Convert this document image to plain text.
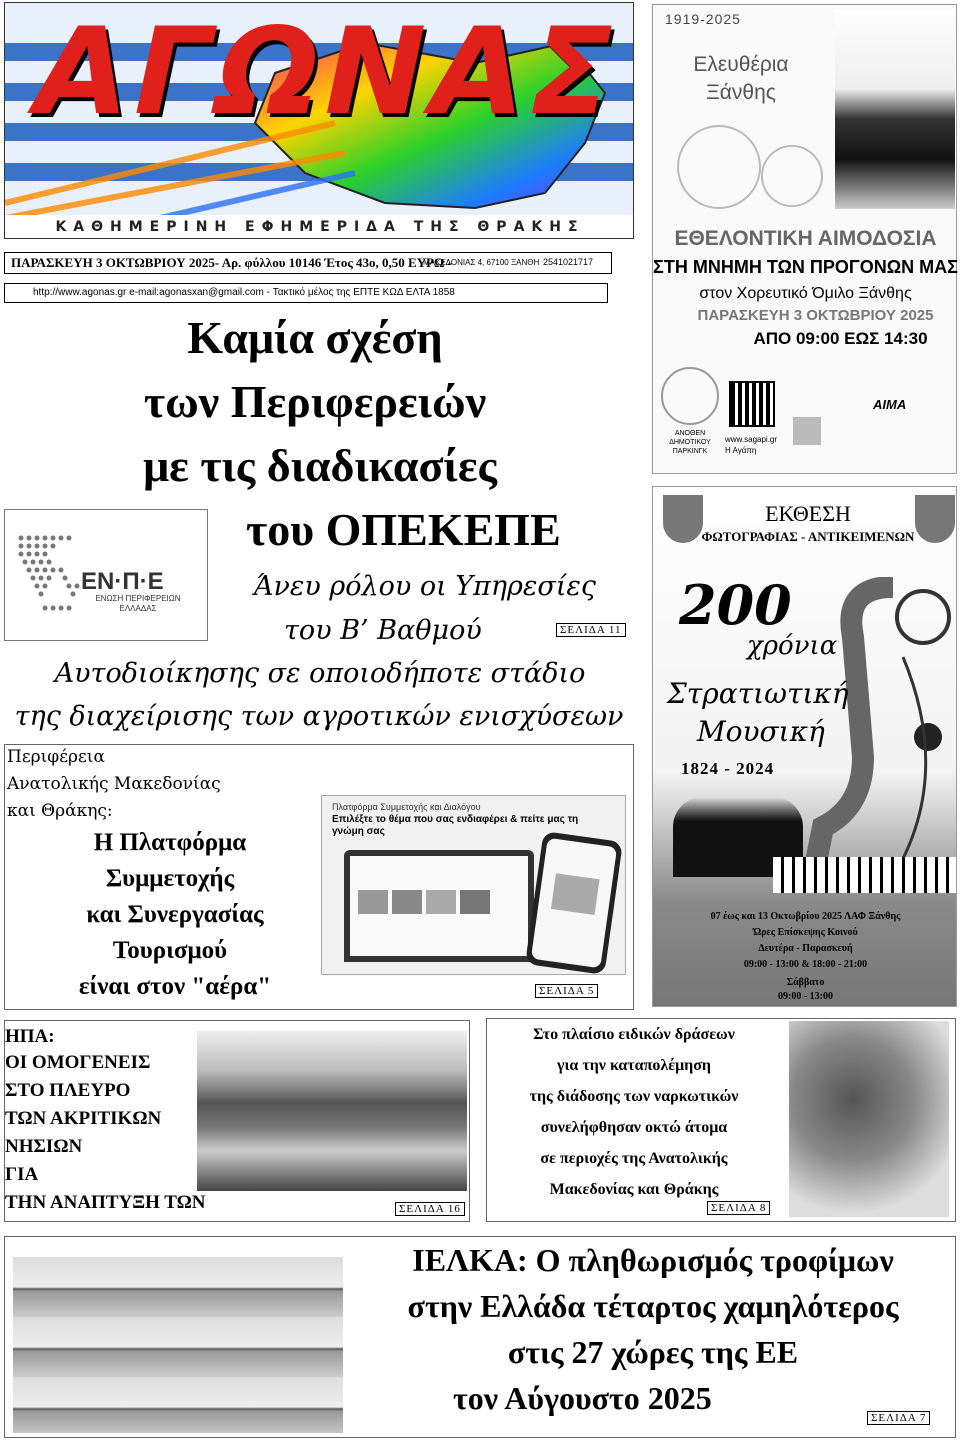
ΑΓΩΝΑΣ
ΚΑΘΗΜΕΡΙΝΗ ΕΦΗΜΕΡΙΔΑ ΤΗΣ ΘΡΑΚΗΣ
ΠΑΡΑΣΚΕΥΗ 3 ΟΚΤΩΒΡΙΟΥ 2025- Αρ. φύλλου 10146 Έτος 43ο, 0,50 ΕΥΡΩ -
ΜΑΚΕΔΟΝΙΑΣ 4, 67100 ΞΑΝΘΗ 2541021717
http://www.agonas.gr e-mail:agonasxan@gmail.com - Τακτικό μέλος της ΕΠΤΕ ΚΩΔ ΕΛΤΑ 1858
Καμία σχέση
των Περιφερειών
με τις διαδικασίες
του ΟΠΕΚΕΠΕ
ΕΝ·Π·Ε
ΕΝΩΣΗ ΠΕΡΙΦΕΡΕΙΩΝ ΕΛΛΑΔΑΣ
Άνευ ρόλου οι Υπηρεσίες
του Β’ Βαθμού	ΣΕΛΙΔΑ 11
Αυτοδιοίκησης σε οποιοδήποτε στάδιο
της διαχείρισης των αγροτικών ενισχύσεων
Περιφέρεια
Ανατολικής Μακεδονίας
και Θράκης:
Η Πλατφόρμα
Συμμετοχής
και Συνεργασίας
Τουρισμού
είναι στον "αέρα"
Πλατφόρμα Συμμετοχής και Διαλόγου
Επιλέξτε το θέμα που σας ενδιαφέρει & πείτε μας τη γνώμη σας
ΣΕΛΙΔΑ 5
ΗΠΑ:
ΟΙ ΟΜΟΓΕΝΕΙΣ
ΣΤΟ ΠΛΕΥΡΟ
ΤΩΝ ΑΚΡΙΤΙΚΩΝ
ΝΗΣΙΩΝ
ΓΙΑ
ΤΗΝ ΑΝΑΠΤΥΞΗ ΤΩΝ	ΣΕΛΙΔΑ 16
Στο πλαίσιο ειδικών δράσεων
για την καταπολέμηση
της διάδοσης των ναρκωτικών
συνελήφθησαν οκτώ άτομα
σε περιοχές της Ανατολικής
Μακεδονίας και Θράκης
ΣΕΛΙΔΑ 8
ΙΕΛΚΑ: Ο πληθωρισμός τροφίμων
στην Ελλάδα τέταρτος χαμηλότερος
στις 27 χώρες της ΕΕ
τον Αύγουστο 2025
ΣΕΛΙΔΑ 7
1919-2025
Ελευθέρια
Ξάνθης
ΕΘΕΛΟΝΤΙΚΗ ΑΙΜΟΔΟΣΙΑ
ΣΤΗ ΜΝΗΜΗ ΤΩΝ ΠΡΟΓΟΝΩΝ ΜΑΣ
στον Χορευτικό Όμιλο Ξάνθης
ΠΑΡΑΣΚΕΥΗ 3 ΟΚΤΩΒΡΙΟΥ 2025
ΑΠΟ 09:00 ΕΩΣ 14:30
ΑΝΟΘΕΝ ΔΗΜΟΤΙΚΟΥ ΠΑΡΚΙΝΓΚ
www.sagapi.gr
Η Αγάπη
ΑΙΜΑ
ΕΚΘΕΣΗ
ΦΩΤΟΓΡΑΦΙΑΣ - ΑΝΤΙΚΕΙΜΕΝΩΝ
200
χρόνια
Στρατιωτική
Μουσική
1824 - 2024
07 έως και 13 Οκτωβρίου 2025 ΛΑΦ Ξάνθης
Ώρες Επίσκεψης Κοινού
Δευτέρα - Παρασκευή
09:00 - 13:00 & 18:00 - 21:00
Σάββατο
09:00 - 13:00
